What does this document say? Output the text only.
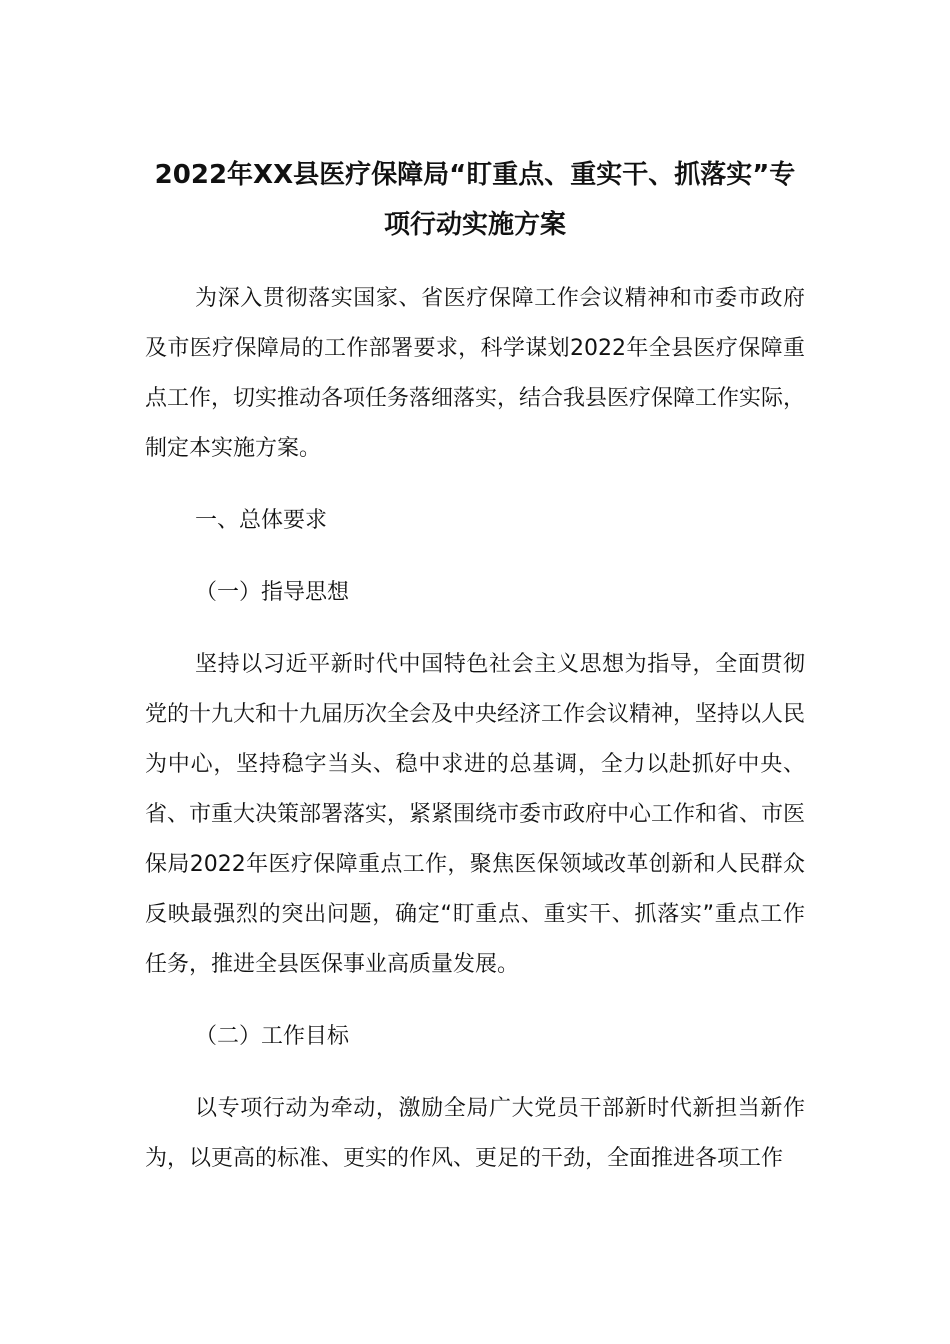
2022年XX县医疗保障局“盯重点、重实干、抓落实”专
项行动实施方案

为深入贯彻落实国家、省医疗保障工作会议精神和市委市政府及市医疗保障局的工作部署要求，科学谋划2022年全县医疗保障重点工作，切实推动各项任务落细落实，结合我县医疗保障工作实际，制定本实施方案。

一、总体要求

（一）指导思想

坚持以习近平新时代中国特色社会主义思想为指导，全面贯彻党的十九大和十九届历次全会及中央经济工作会议精神，坚持以人民为中心，坚持稳字当头、稳中求进的总基调，全力以赴抓好中央、省、市重大决策部署落实，紧紧围绕市委市政府中心工作和省、市医保局2022年医疗保障重点工作，聚焦医保领域改革创新和人民群众反映最强烈的突出问题，确定“盯重点、重实干、抓落实”重点工作任务，推进全县医保事业高质量发展。

（二）工作目标

以专项行动为牵动，激励全局广大党员干部新时代新担当新作为，以更高的标准、更实的作风、更足的干劲，全面推进各项工作
